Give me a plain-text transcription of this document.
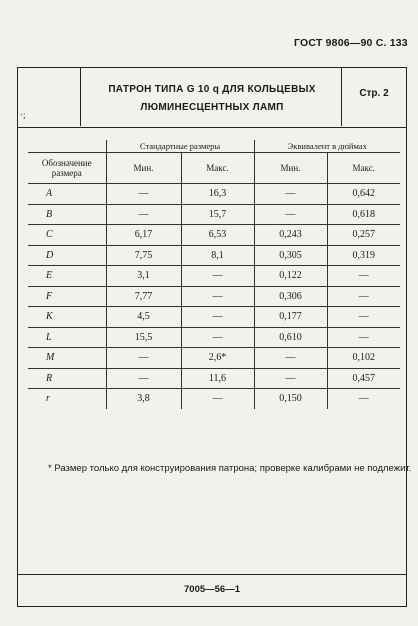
ГОСТ 9806—90 С. 133
ПАТРОН ТИПА G 10 q ДЛЯ КОЛЬЦЕВЫХ
ЛЮМИНЕСЦЕНТНЫХ ЛАМП
Стр. 2
·;
	Стандартные размеры		Эквивалент в дюймах	

Обозначение
размера	Мин.	Макс.	Мин.	Макс.
A	—	16,3	—	0,642
B	—	15,7	—	0,618
C	6,17	6,53	0,243	0,257
D	7,75	8,1	0,305	0,319
E	3,1	—	0,122	—
F	7,77	—	0,306	—
K	4,5	—	0,177	—
L	15,5	—	0,610	—
M	—	2,6*	—	0,102
R	—	11,6	—	0,457
r	3,8	—	0,150	—
* Размер только для конструирования патрона; проверке калибрами не подлежит.
7005—56—1
